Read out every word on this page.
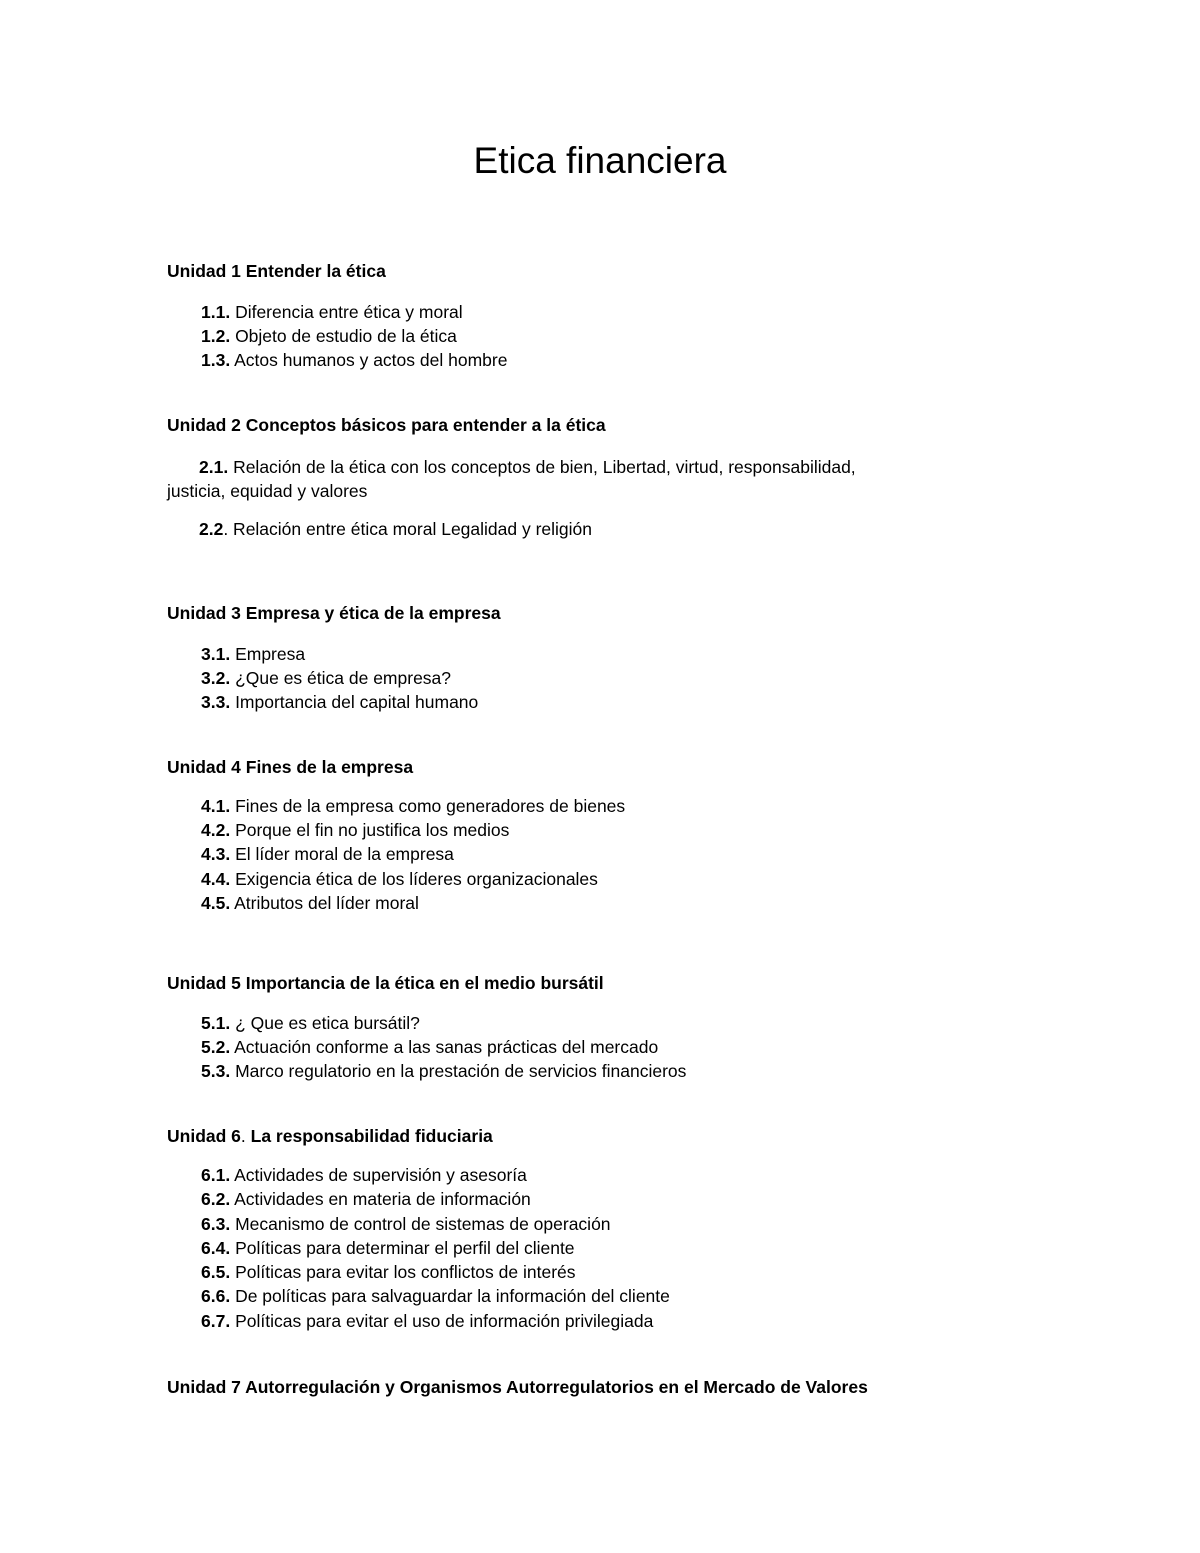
Etica financiera
Unidad 1 Entender la ética
1.1. Diferencia entre ética y moral
1.2. Objeto de estudio de la ética
1.3. Actos humanos y actos del hombre
Unidad 2 Conceptos básicos para entender a la ética
2.1. Relación de la ética con los conceptos de bien, Libertad, virtud, responsabilidad, justicia, equidad y valores
2.2. Relación entre ética moral Legalidad y religión
Unidad 3 Empresa y ética de la empresa
3.1. Empresa
3.2. ¿Que es ética de empresa?
3.3. Importancia del capital humano
Unidad 4 Fines de la empresa
4.1. Fines de la empresa como generadores de bienes
4.2. Porque el fin no justifica los medios
4.3. El líder moral de la empresa
4.4. Exigencia ética de los líderes organizacionales
4.5. Atributos del líder moral
Unidad 5 Importancia de la ética en el medio bursátil
5.1. ¿ Que es etica bursátil?
5.2. Actuación conforme a las sanas prácticas del mercado
5.3. Marco regulatorio en la prestación de servicios financieros
Unidad 6. La responsabilidad fiduciaria
6.1. Actividades de supervisión y asesoría
6.2. Actividades en materia de información
6.3. Mecanismo de control de sistemas de operación
6.4. Políticas para determinar el perfil del cliente
6.5. Políticas para evitar los conflictos de interés
6.6. De políticas para salvaguardar la información del cliente
6.7. Políticas para evitar el uso de información privilegiada
Unidad 7 Autorregulación y Organismos Autorregulatorios en el Mercado de Valores
